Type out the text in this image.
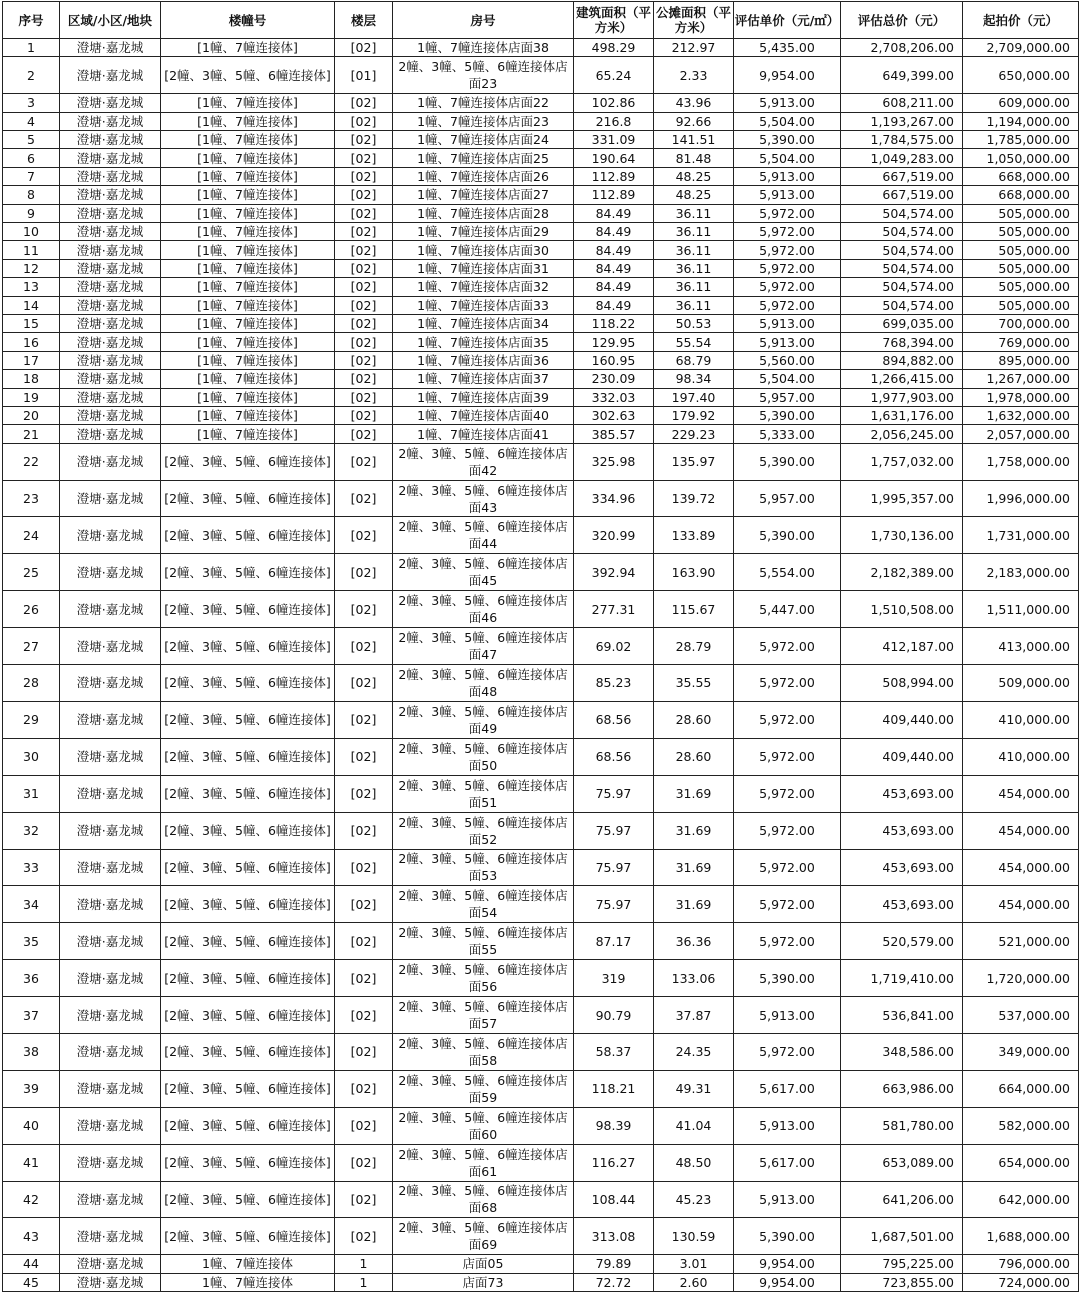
序号	区域/小区/地块	楼幢号	楼层	房号	建筑面积（平方米）	公摊面积（平方米）	评估单价（元/㎡）	评估总价（元）	起拍价（元）
1	澄塘·嘉龙城	[1幢、7幢连接体]	[02]	1幢、7幢连接体店面38	498.29	212.97	5,435.00	2,708,206.00	2,709,000.00
2	澄塘·嘉龙城	[2幢、3幢、5幢、6幢连接体]	[01]	2幢、3幢、5幢、6幢连接体店面23	65.24	2.33	9,954.00	649,399.00	650,000.00
3	澄塘·嘉龙城	[1幢、7幢连接体]	[02]	1幢、7幢连接体店面22	102.86	43.96	5,913.00	608,211.00	609,000.00
4	澄塘·嘉龙城	[1幢、7幢连接体]	[02]	1幢、7幢连接体店面23	216.8	92.66	5,504.00	1,193,267.00	1,194,000.00
5	澄塘·嘉龙城	[1幢、7幢连接体]	[02]	1幢、7幢连接体店面24	331.09	141.51	5,390.00	1,784,575.00	1,785,000.00
6	澄塘·嘉龙城	[1幢、7幢连接体]	[02]	1幢、7幢连接体店面25	190.64	81.48	5,504.00	1,049,283.00	1,050,000.00
7	澄塘·嘉龙城	[1幢、7幢连接体]	[02]	1幢、7幢连接体店面26	112.89	48.25	5,913.00	667,519.00	668,000.00
8	澄塘·嘉龙城	[1幢、7幢连接体]	[02]	1幢、7幢连接体店面27	112.89	48.25	5,913.00	667,519.00	668,000.00
9	澄塘·嘉龙城	[1幢、7幢连接体]	[02]	1幢、7幢连接体店面28	84.49	36.11	5,972.00	504,574.00	505,000.00
10	澄塘·嘉龙城	[1幢、7幢连接体]	[02]	1幢、7幢连接体店面29	84.49	36.11	5,972.00	504,574.00	505,000.00
11	澄塘·嘉龙城	[1幢、7幢连接体]	[02]	1幢、7幢连接体店面30	84.49	36.11	5,972.00	504,574.00	505,000.00
12	澄塘·嘉龙城	[1幢、7幢连接体]	[02]	1幢、7幢连接体店面31	84.49	36.11	5,972.00	504,574.00	505,000.00
13	澄塘·嘉龙城	[1幢、7幢连接体]	[02]	1幢、7幢连接体店面32	84.49	36.11	5,972.00	504,574.00	505,000.00
14	澄塘·嘉龙城	[1幢、7幢连接体]	[02]	1幢、7幢连接体店面33	84.49	36.11	5,972.00	504,574.00	505,000.00
15	澄塘·嘉龙城	[1幢、7幢连接体]	[02]	1幢、7幢连接体店面34	118.22	50.53	5,913.00	699,035.00	700,000.00
16	澄塘·嘉龙城	[1幢、7幢连接体]	[02]	1幢、7幢连接体店面35	129.95	55.54	5,913.00	768,394.00	769,000.00
17	澄塘·嘉龙城	[1幢、7幢连接体]	[02]	1幢、7幢连接体店面36	160.95	68.79	5,560.00	894,882.00	895,000.00
18	澄塘·嘉龙城	[1幢、7幢连接体]	[02]	1幢、7幢连接体店面37	230.09	98.34	5,504.00	1,266,415.00	1,267,000.00
19	澄塘·嘉龙城	[1幢、7幢连接体]	[02]	1幢、7幢连接体店面39	332.03	197.40	5,957.00	1,977,903.00	1,978,000.00
20	澄塘·嘉龙城	[1幢、7幢连接体]	[02]	1幢、7幢连接体店面40	302.63	179.92	5,390.00	1,631,176.00	1,632,000.00
21	澄塘·嘉龙城	[1幢、7幢连接体]	[02]	1幢、7幢连接体店面41	385.57	229.23	5,333.00	2,056,245.00	2,057,000.00
22	澄塘·嘉龙城	[2幢、3幢、5幢、6幢连接体]	[02]	2幢、3幢、5幢、6幢连接体店面42	325.98	135.97	5,390.00	1,757,032.00	1,758,000.00
23	澄塘·嘉龙城	[2幢、3幢、5幢、6幢连接体]	[02]	2幢、3幢、5幢、6幢连接体店面43	334.96	139.72	5,957.00	1,995,357.00	1,996,000.00
24	澄塘·嘉龙城	[2幢、3幢、5幢、6幢连接体]	[02]	2幢、3幢、5幢、6幢连接体店面44	320.99	133.89	5,390.00	1,730,136.00	1,731,000.00
25	澄塘·嘉龙城	[2幢、3幢、5幢、6幢连接体]	[02]	2幢、3幢、5幢、6幢连接体店面45	392.94	163.90	5,554.00	2,182,389.00	2,183,000.00
26	澄塘·嘉龙城	[2幢、3幢、5幢、6幢连接体]	[02]	2幢、3幢、5幢、6幢连接体店面46	277.31	115.67	5,447.00	1,510,508.00	1,511,000.00
27	澄塘·嘉龙城	[2幢、3幢、5幢、6幢连接体]	[02]	2幢、3幢、5幢、6幢连接体店面47	69.02	28.79	5,972.00	412,187.00	413,000.00
28	澄塘·嘉龙城	[2幢、3幢、5幢、6幢连接体]	[02]	2幢、3幢、5幢、6幢连接体店面48	85.23	35.55	5,972.00	508,994.00	509,000.00
29	澄塘·嘉龙城	[2幢、3幢、5幢、6幢连接体]	[02]	2幢、3幢、5幢、6幢连接体店面49	68.56	28.60	5,972.00	409,440.00	410,000.00
30	澄塘·嘉龙城	[2幢、3幢、5幢、6幢连接体]	[02]	2幢、3幢、5幢、6幢连接体店面50	68.56	28.60	5,972.00	409,440.00	410,000.00
31	澄塘·嘉龙城	[2幢、3幢、5幢、6幢连接体]	[02]	2幢、3幢、5幢、6幢连接体店面51	75.97	31.69	5,972.00	453,693.00	454,000.00
32	澄塘·嘉龙城	[2幢、3幢、5幢、6幢连接体]	[02]	2幢、3幢、5幢、6幢连接体店面52	75.97	31.69	5,972.00	453,693.00	454,000.00
33	澄塘·嘉龙城	[2幢、3幢、5幢、6幢连接体]	[02]	2幢、3幢、5幢、6幢连接体店面53	75.97	31.69	5,972.00	453,693.00	454,000.00
34	澄塘·嘉龙城	[2幢、3幢、5幢、6幢连接体]	[02]	2幢、3幢、5幢、6幢连接体店面54	75.97	31.69	5,972.00	453,693.00	454,000.00
35	澄塘·嘉龙城	[2幢、3幢、5幢、6幢连接体]	[02]	2幢、3幢、5幢、6幢连接体店面55	87.17	36.36	5,972.00	520,579.00	521,000.00
36	澄塘·嘉龙城	[2幢、3幢、5幢、6幢连接体]	[02]	2幢、3幢、5幢、6幢连接体店面56	319	133.06	5,390.00	1,719,410.00	1,720,000.00
37	澄塘·嘉龙城	[2幢、3幢、5幢、6幢连接体]	[02]	2幢、3幢、5幢、6幢连接体店面57	90.79	37.87	5,913.00	536,841.00	537,000.00
38	澄塘·嘉龙城	[2幢、3幢、5幢、6幢连接体]	[02]	2幢、3幢、5幢、6幢连接体店面58	58.37	24.35	5,972.00	348,586.00	349,000.00
39	澄塘·嘉龙城	[2幢、3幢、5幢、6幢连接体]	[02]	2幢、3幢、5幢、6幢连接体店面59	118.21	49.31	5,617.00	663,986.00	664,000.00
40	澄塘·嘉龙城	[2幢、3幢、5幢、6幢连接体]	[02]	2幢、3幢、5幢、6幢连接体店面60	98.39	41.04	5,913.00	581,780.00	582,000.00
41	澄塘·嘉龙城	[2幢、3幢、5幢、6幢连接体]	[02]	2幢、3幢、5幢、6幢连接体店面61	116.27	48.50	5,617.00	653,089.00	654,000.00
42	澄塘·嘉龙城	[2幢、3幢、5幢、6幢连接体]	[02]	2幢、3幢、5幢、6幢连接体店面68	108.44	45.23	5,913.00	641,206.00	642,000.00
43	澄塘·嘉龙城	[2幢、3幢、5幢、6幢连接体]	[02]	2幢、3幢、5幢、6幢连接体店面69	313.08	130.59	5,390.00	1,687,501.00	1,688,000.00
44	澄塘·嘉龙城	1幢、7幢连接体	1	店面05	79.89	3.01	9,954.00	795,225.00	796,000.00
45	澄塘·嘉龙城	1幢、7幢连接体	1	店面73	72.72	2.60	9,954.00	723,855.00	724,000.00
